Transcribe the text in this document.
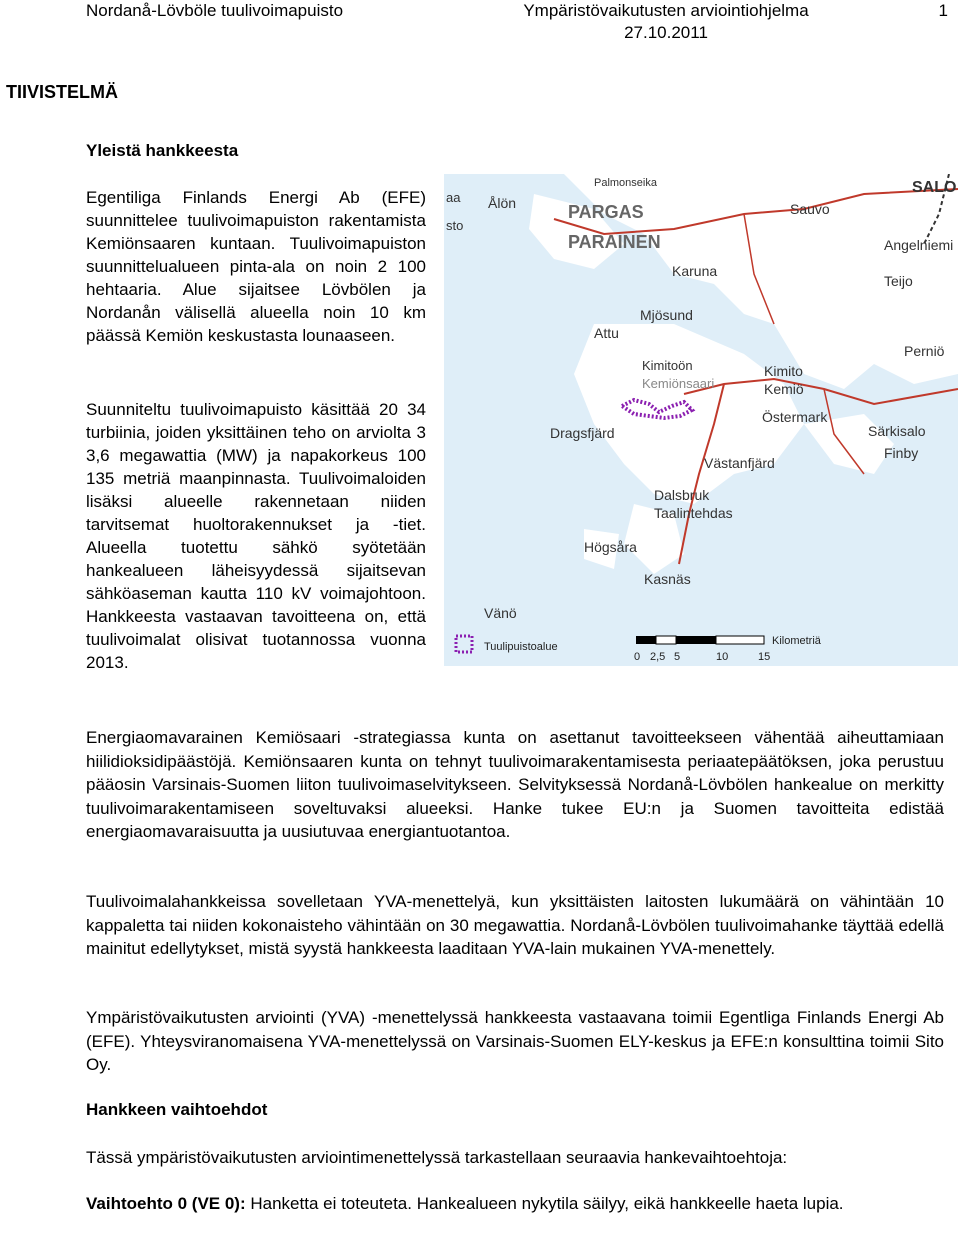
Nordanå-Lövböle tuulivoimapuisto	Ympäristövaikutusten arviointiohjelma
27.10.2011
1
TIIVISTELMÄ
Yleistä hankkeesta
Egentiliga Finlands Energi Ab (EFE) suunnittelee tuulivoimapuiston rakentamista Kemiönsaaren kuntaan. Tuulivoimapuiston suunnittelualueen pinta-ala on noin 2 100 hehtaaria. Alue sijaitsee Lövbölen ja Nordanån välisellä alueella noin 10 km päässä Kemiön keskustasta lounaaseen.
Suunniteltu tuulivoimapuisto käsittää 20 34 turbiinia, joiden yksittäinen teho on arviolta 3 3,6 megawattia (MW) ja napakorkeus 100 135 metriä maanpinnasta. Tuulivoimaloiden lisäksi alueelle rakennetaan niiden tarvitsemat huoltorakennukset ja -tiet. Alueella tuotettu sähkö syötetään hankealueen läheisyydessä sijaitsevan sähköaseman kautta 110 kV voimajohtoon. Hankkeesta vastaavan tavoitteena on, että tuulivoimalat olisivat tuotannossa vuonna 2013.
Palmonseika	SALO
aa
sto
Ålön	PARGAS
PARAINEN
Sauvo
Angelniemi
Karuna
Teijo
Mjösund
Attu
Kimitoön
Kemiönsaari
Kimito
Kemiö
Perniö
Östermark
Särkisalo
Finby
Dragsfjärd
Västanfjärd
Dalsbruk
Taalintehdas
Högsåra
Kasnäs
Vänö
Tuulipuistoalue	Kilometriä
0 2,5 5	10	15
Energiaomavarainen Kemiösaari -strategiassa kunta on asettanut tavoitteekseen vähentää aiheuttamiaan hiilidioksidipäästöjä. Kemiönsaaren kunta on tehnyt tuulivoimarakentamisesta periaatepäätöksen, joka perustuu pääosin Varsinais-Suomen liiton tuulivoimaselvitykseen. Selvityksessä Nordanå-Lövbölen hankealue on merkitty tuulivoimarakentamiseen soveltuvaksi alueeksi. Hanke tukee EU:n ja Suomen tavoitteita edistää energiaomavaraisuutta ja uusiutuvaa energiantuotantoa.
Tuulivoimalahankkeissa sovelletaan YVA-menettelyä, kun yksittäisten laitosten lukumäärä on vähintään 10 kappaletta tai niiden kokonaisteho vähintään on 30 megawattia. Nordanå-Lövbölen tuulivoimahanke täyttää edellä mainitut edellytykset, mistä syystä hankkeesta laaditaan YVA-lain mukainen YVA-menettely.
Ympäristövaikutusten arviointi (YVA) -menettelyssä hankkeesta vastaavana toimii Egentliga Finlands Energi Ab (EFE). Yhteysviranomaisena YVA-menettelyssä on Varsinais-Suomen ELY-keskus ja EFE:n konsulttina toimii Sito Oy.
Hankkeen vaihtoehdot
Tässä ympäristövaikutusten arviointimenettelyssä tarkastellaan seuraavia hankevaihtoehtoja:
Vaihtoehto 0 (VE 0): Hanketta ei toteuteta. Hankealueen nykytila säilyy, eikä hankkeelle haeta lupia.
